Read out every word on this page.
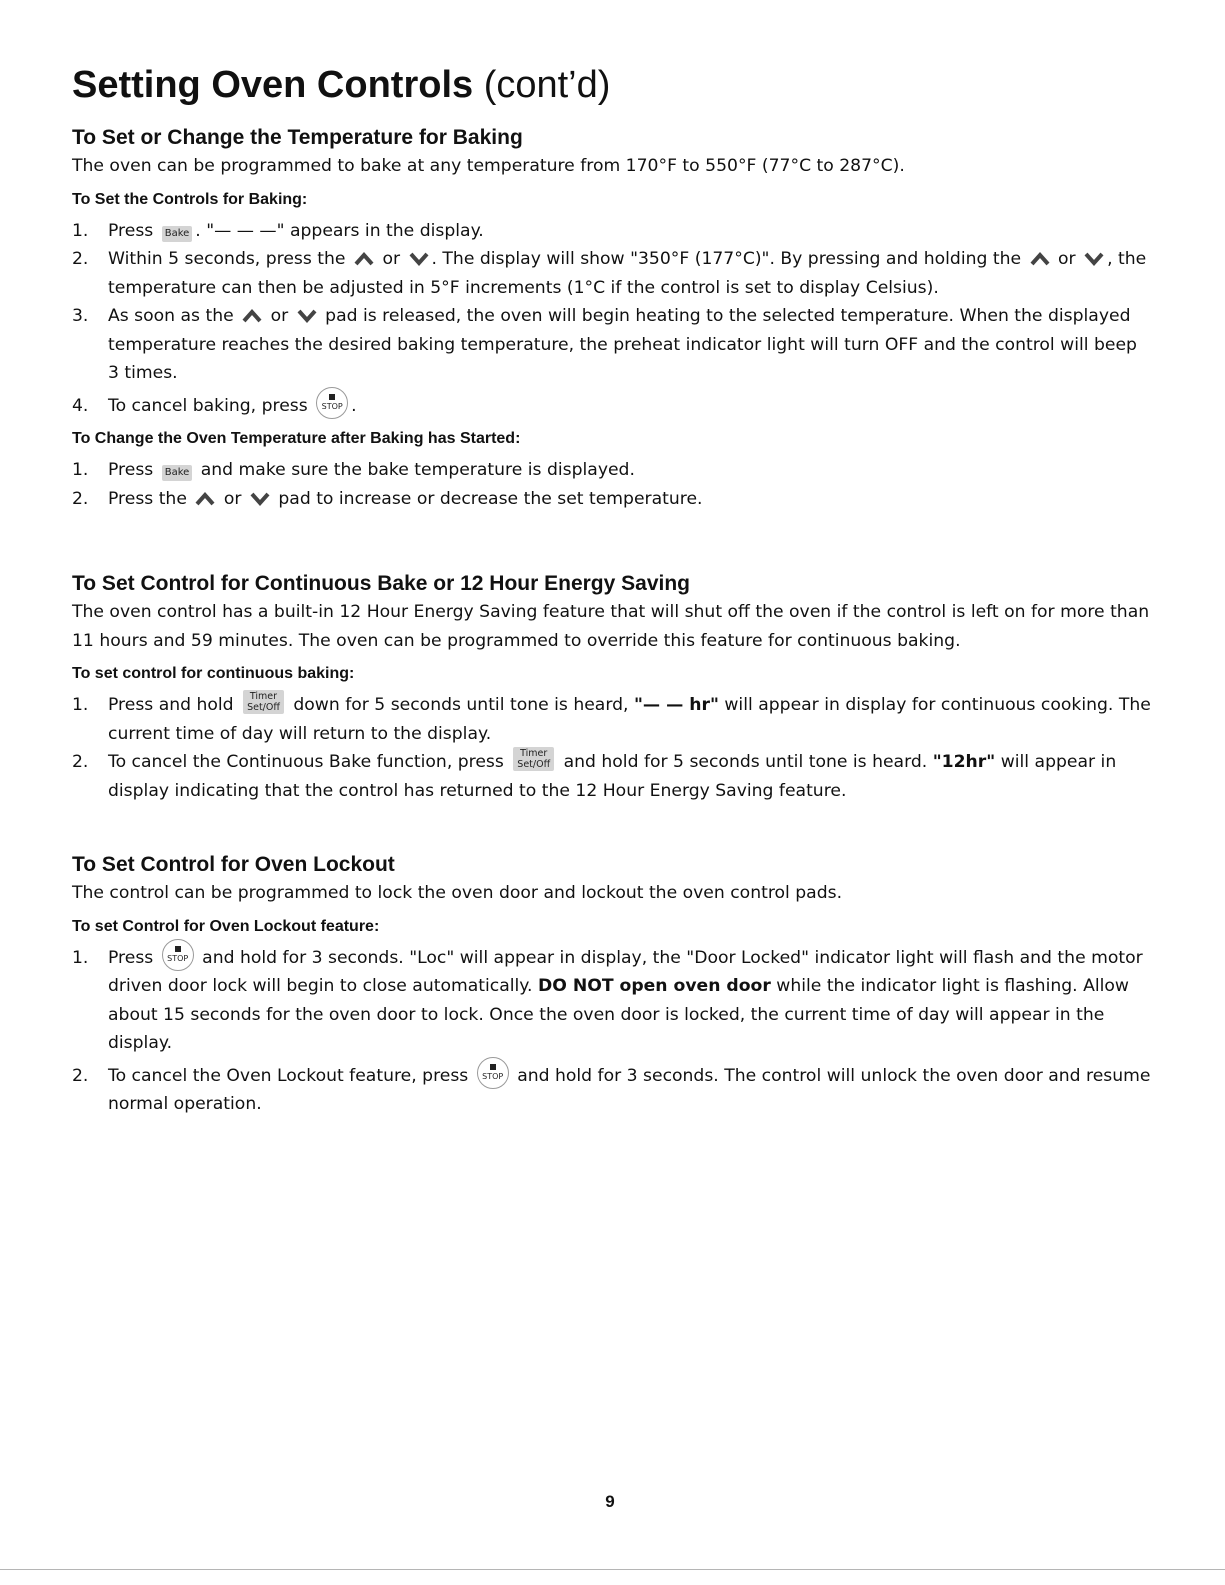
Setting Oven Controls (cont’d)
To Set or Change the Temperature for Baking

The oven can be programmed to bake at any temperature from 170°F to 550°F (77°C to 287°C).

To Set the Controls for Baking:
1. Press Bake . "— — —" appears in the display.
2. Within 5 seconds, press the or . The display will show "350°F (177°C)". By pressing and holding the or , the temperature can then be adjusted in 5°F increments (1°C if the control is set to display Celsius).
3. As soon as the or pad is released, the oven will begin heating to the selected temperature. When the displayed temperature reaches the desired baking temperature, the preheat indicator light will turn OFF and the control will beep 3 times.
4. To cancel baking, press STOP .
To Change the Oven Temperature after Baking has Started:
1. Press Bake and make sure the bake temperature is displayed.
2. Press the or pad to increase or decrease the set temperature.
To Set Control for Continuous Bake or 12 Hour Energy Saving

The oven control has a built-in 12 Hour Energy Saving feature that will shut off the oven if the control is left on for more than 11 hours and 59 minutes. The oven can be programmed to override this feature for continuous baking.

To set control for continuous baking:
1. Press and hold Timer
Set/Off down for 5 seconds until tone is heard, "— — hr" will appear in display for continuous cooking. The current time of day will return to the display.
2. To cancel the Continuous Bake function, press Timer
Set/Off and hold for 5 seconds until tone is heard. "12hr" will appear in display indicating that the control has returned to the 12 Hour Energy Saving feature.
To Set Control for Oven Lockout

The control can be programmed to lock the oven door and lockout the oven control pads.

To set Control for Oven Lockout feature:
1. Press STOP and hold for 3 seconds. "Loc" will appear in display, the "Door Locked" indicator light will flash and the motor driven door lock will begin to close automatically. DO NOT open oven door while the indicator light is flashing. Allow about 15 seconds for the oven door to lock. Once the oven door is locked, the current time of day will appear in the display.
2. To cancel the Oven Lockout feature, press STOP and hold for 3 seconds. The control will unlock the oven door and resume normal operation.
9
